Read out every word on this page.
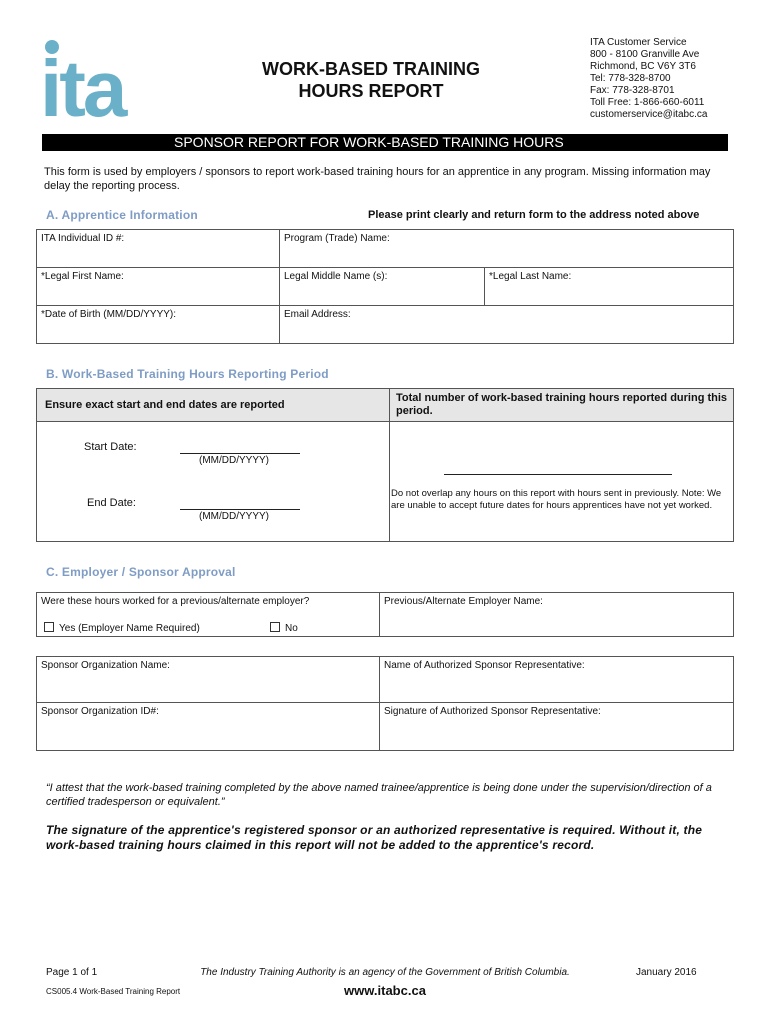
ita	WORK-BASED TRAINING
HOURS REPORT
ITA Customer Service
800 - 8100 Granville Ave
Richmond, BC V6Y 3T6
Tel: 778-328-8700
Fax: 778-328-8701
Toll Free: 1-866-660-6011
customerservice@itabc.ca
SPONSOR REPORT FOR WORK-BASED TRAINING HOURS
This form is used by employers / sponsors to report work-based training hours for an apprentice in any program. Missing information may delay the reporting process.
A. Apprentice Information	Please print clearly and return form to the address noted above
ITA Individual ID #:	Program (Trade) Name:	
*Legal First Name:	Legal Middle Name (s):	*Legal Last Name:
*Date of Birth (MM/DD/YYYY):	Email Address:	
B. Work-Based Training Hours Reporting Period
Ensure exact start and end dates are reported	Total number of work-based training hours reported during this period.

Start Date:
(MM/DD/YYYY)
End Date:
(MM/DD/YYYY)
Do not overlap any hours on this report with hours sent in previously. Note: We are unable to accept future dates for hours apprentices have not yet worked.
C. Employer / Sponsor Approval
Were these hours worked for a previous/alternate employer?	Previous/Alternate Employer Name:
Yes (Employer Name Required)	No
Sponsor Organization Name:	Name of Authorized Sponsor Representative:
Sponsor Organization ID#:	Signature of Authorized Sponsor Representative:
“I attest that the work-based training completed by the above named trainee/apprentice is being done under the supervision/direction of a certified tradesperson or equivalent.”
The signature of the apprentice's registered sponsor or an authorized representative is required. Without it, the work-based training hours claimed in this report will not be added to the apprentice's record.
Page 1 of 1
CS005.4 Work-Based Training Report
The Industry Training Authority is an agency of the Government of British Columbia.
www.itabc.ca
January 2016
